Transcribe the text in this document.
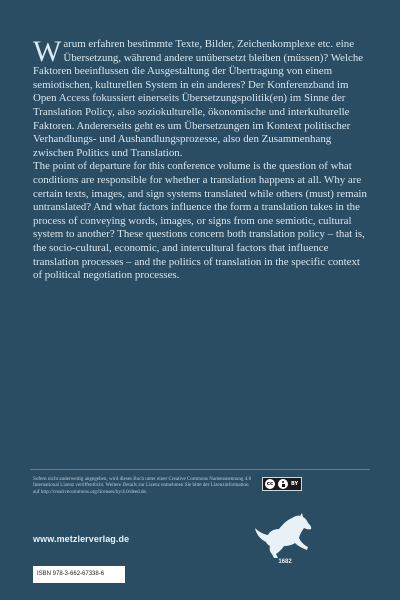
Warum erfahren bestimmte Texte, Bilder, Zeichenkomplexe etc. eine Übersetzung, während andere unübersetzt bleiben (müssen)? Welche Faktoren beeinflussen die Ausgestaltung der Übertragung von einem semiotischen, kulturellen System in ein anderes? Der Konferenzband im Open Access fokussiert einerseits Übersetzungspolitik(en) im Sinne der Translation Policy, also soziokulturelle, ökonomische und interkulturelle Faktoren. Andererseits geht es um Übersetzungen im Kontext politischer Verhandlungs- und Aushandlungsprozesse, also den Zusammenhang zwischen Politics und Translation.

The point of departure for this conference volume is the question of what conditions are responsible for whether a translation happens at all. Why are certain texts, images, and sign systems translated while others (must) remain untranslated? And what factors influence the form a translation takes in the process of conveying words, images, or signs from one semiotic, cultural system to another? These questions concern both translation policy – that is, the socio-cultural, economic, and intercultural factors that influence translation processes – and the politics of translation in the specific context of political negotiation processes.

Sofern nicht anderweitig angegeben, wird dieses Buch unter einer Creative Commons Namensnennung 4.0 International Lizenz veröffentlicht. Weitere Details zur Lizenz entnehmen Sie bitte der Lizenzinformation auf http://creativecommons.org/licenses/by/4.0/deed.de.
cc	BY
www.metzlerverlag.de
1682
ISBN 978-3-662-67338-6
